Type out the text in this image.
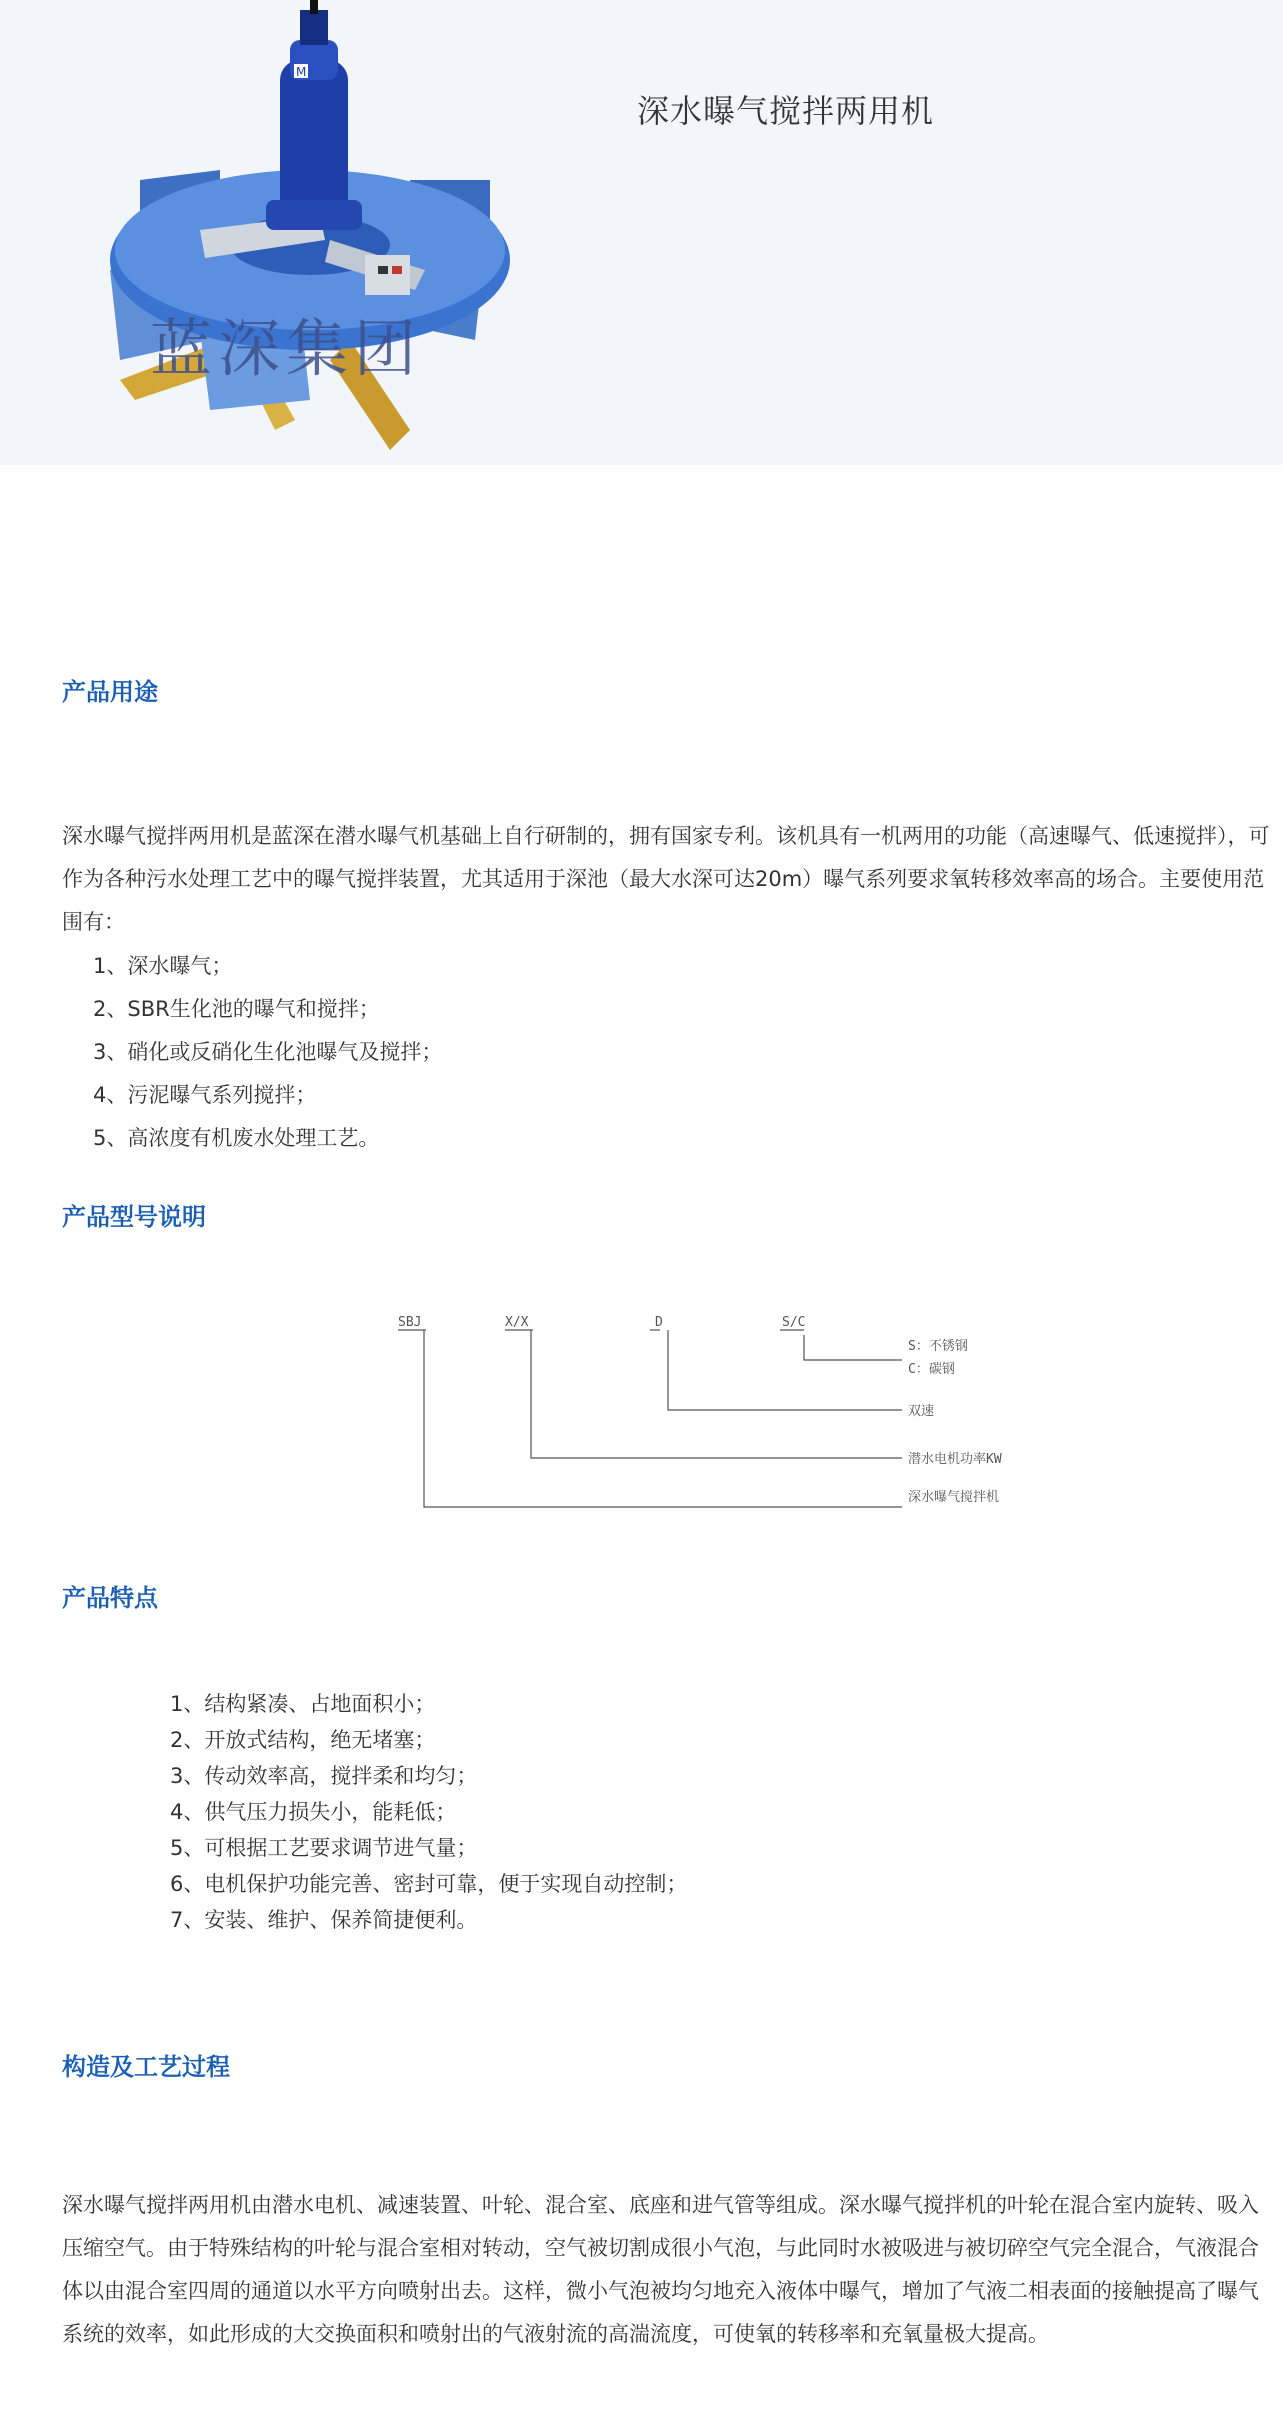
M
蓝深集团
深水曝气搅拌两用机
产品用途
深水曝气搅拌两用机是蓝深在潜水曝气机基础上自行研制的，拥有国家专利。该机具有一机两用的功能（高速曝气、低速搅拌），可作为各种污水处理工艺中的曝气搅拌装置，尤其适用于深池（最大水深可达20m）曝气系列要求氧转移效率高的场合。主要使用范围有：
1、深水曝气；
2、SBR生化池的曝气和搅拌；
3、硝化或反硝化生化池曝气及搅拌；
4、污泥曝气系列搅拌；
5、高浓度有机废水处理工艺。
产品型号说明
SBJ	X/X	D	S/C
S：不锈钢
C：碳钢
双速
潜水电机功率KW
深水曝气搅拌机
产品特点
1、结构紧凑、占地面积小；
2、开放式结构，绝无堵塞；
3、传动效率高，搅拌柔和均匀；
4、供气压力损失小，能耗低；
5、可根据工艺要求调节进气量；
6、电机保护功能完善、密封可靠，便于实现自动控制；
7、安装、维护、保养简捷便利。
构造及工艺过程
深水曝气搅拌两用机由潜水电机、减速装置、叶轮、混合室、底座和进气管等组成。深水曝气搅拌机的叶轮在混合室内旋转、吸入压缩空气。由于特殊结构的叶轮与混合室相对转动，空气被切割成很小气泡，与此同时水被吸进与被切碎空气完全混合，气液混合体以由混合室四周的通道以水平方向喷射出去。这样，微小气泡被均匀地充入液体中曝气，增加了气液二相表面的接触提高了曝气系统的效率，如此形成的大交换面积和喷射出的气液射流的高湍流度，可使氧的转移率和充氧量极大提高。
